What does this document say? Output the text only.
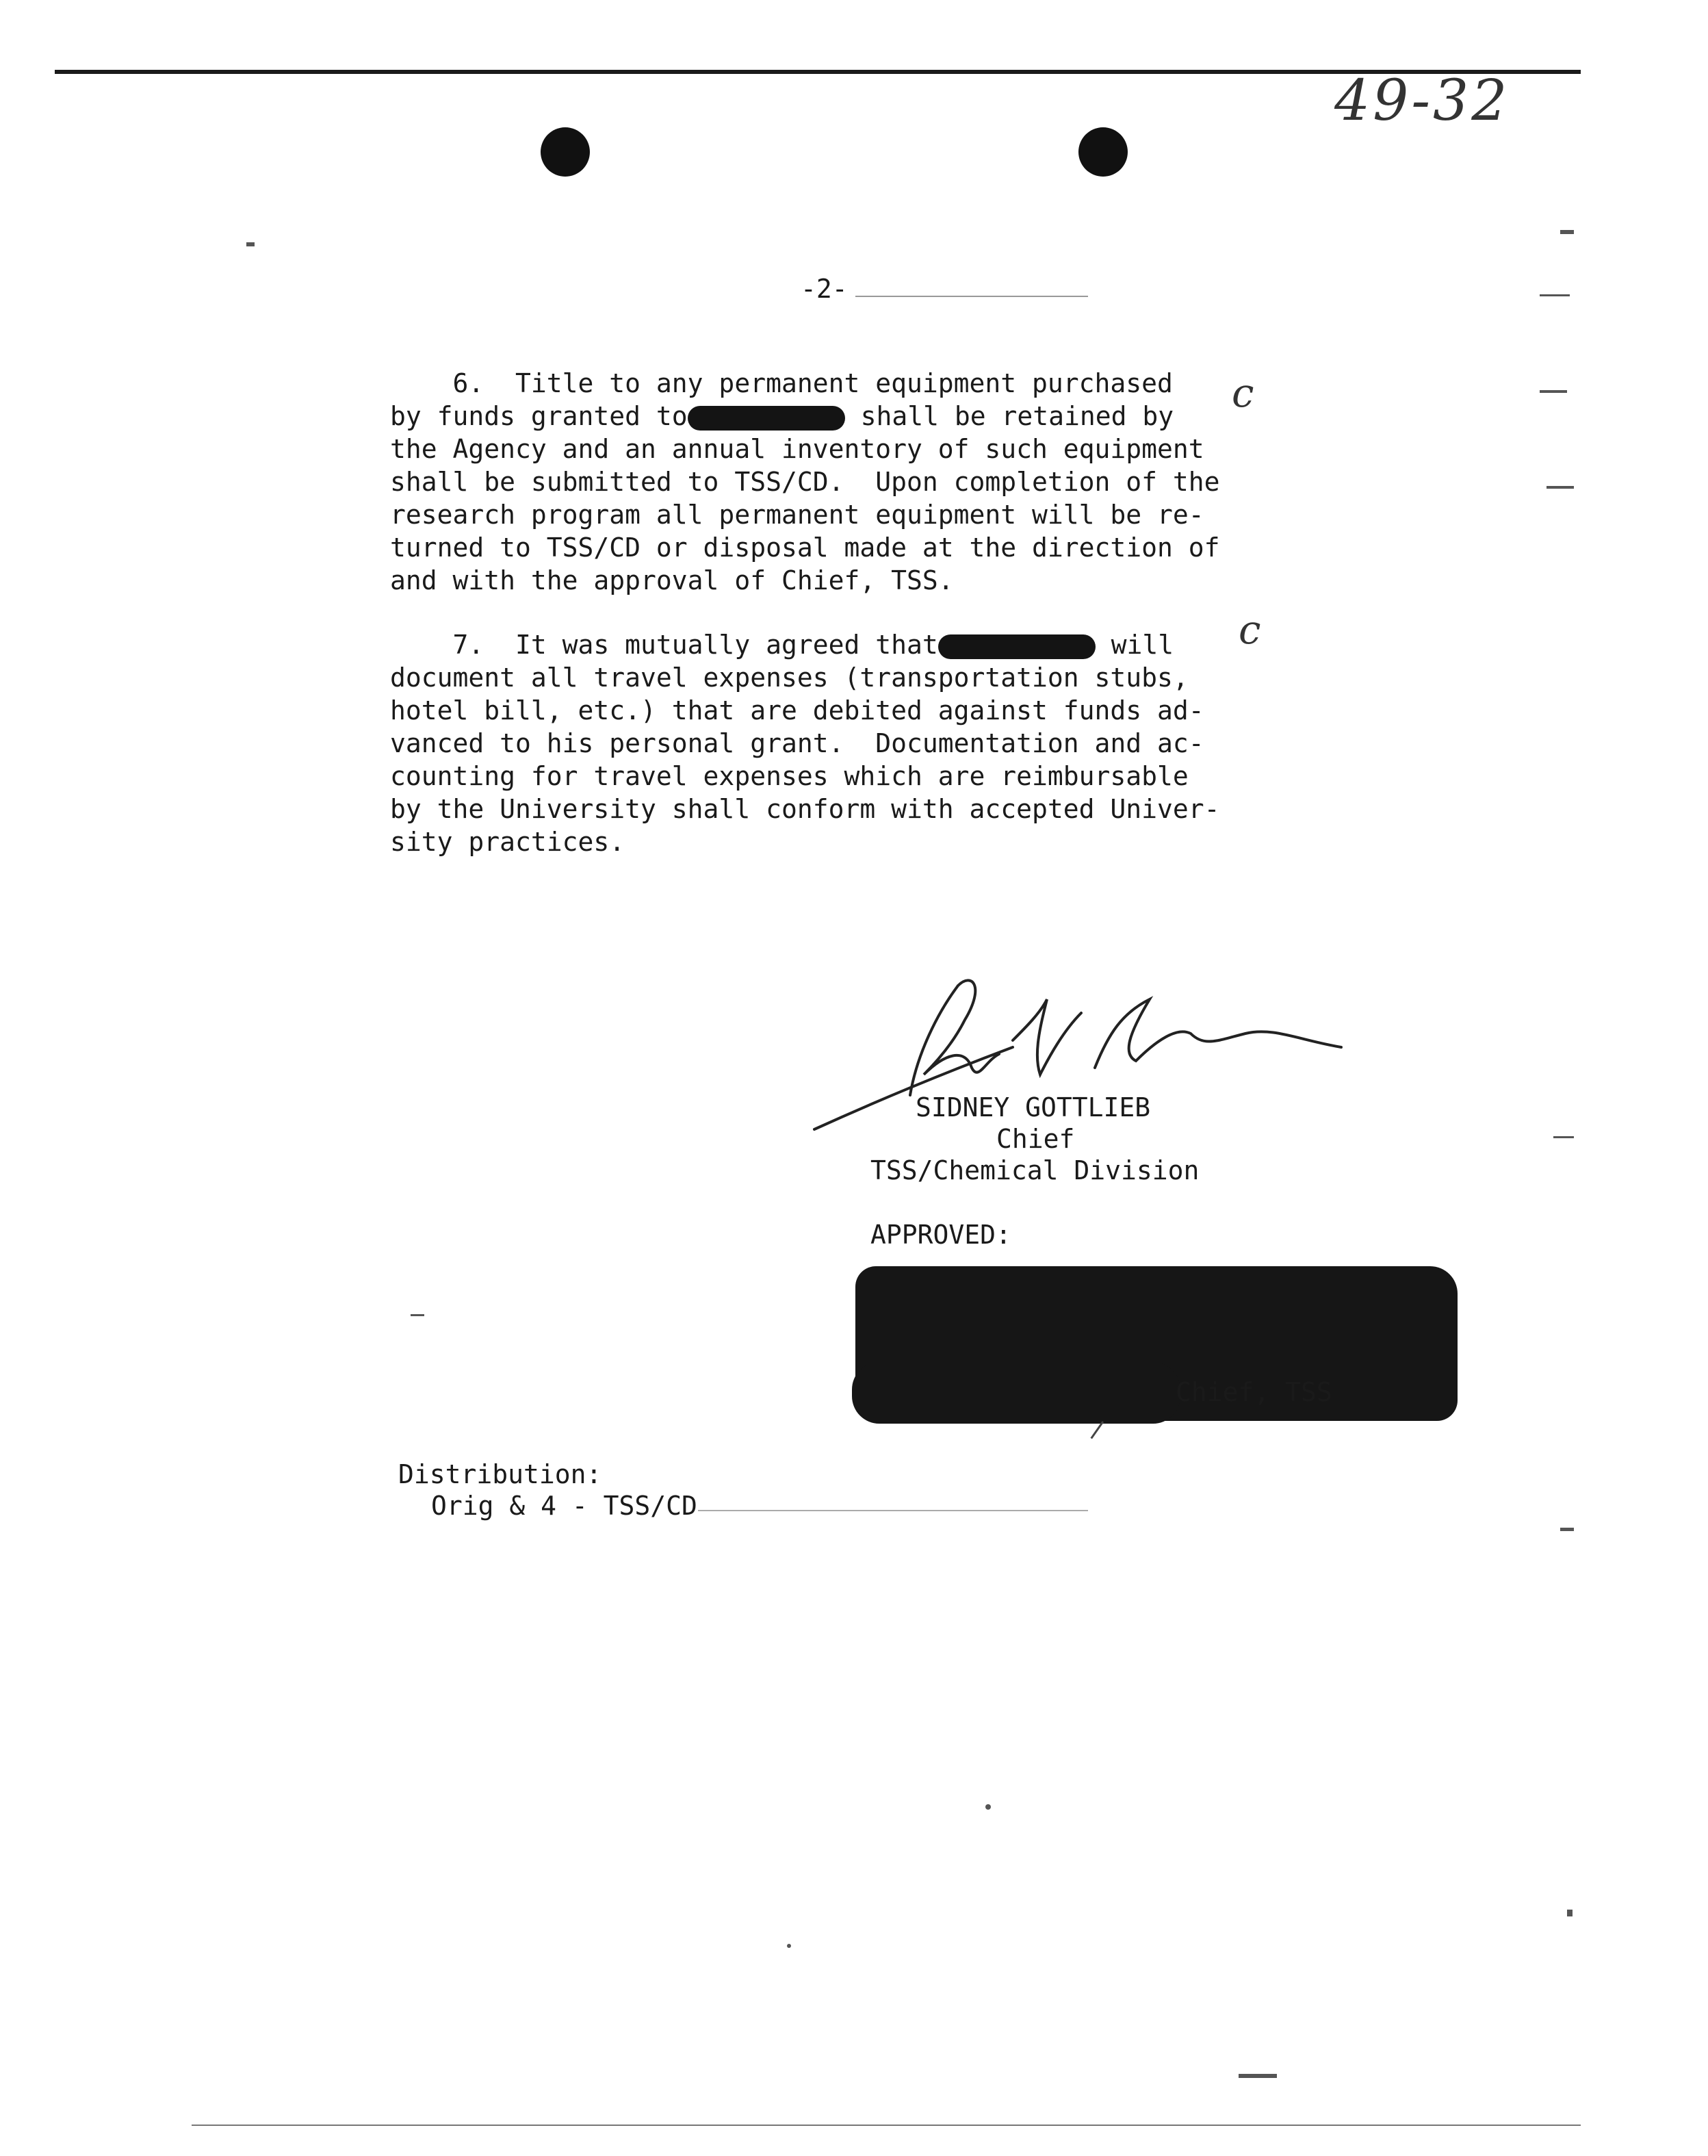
49-32
-2-
6.  Title to any permanent equipment purchased
by funds granted to	shall be retained by
the Agency and an annual inventory of such equipment
shall be submitted to TSS/CD.  Upon completion of the
research program all permanent equipment will be re-
turned to TSS/CD or disposal made at the direction of
and with the approval of Chief, TSS.
c
7.  It was mutually agreed that	will
document all travel expenses (transportation stubs,
hotel bill, etc.) that are debited against funds ad-
vanced to his personal grant.  Documentation and ac-
counting for travel expenses which are reimbursable
by the University shall conform with accepted Univer-
sity practices.
c
SIDNEY GOTTLIEB
Chief
TSS/Chemical Division
APPROVED:
Chief, TSS
Distribution:
Orig & 4 - TSS/CD
